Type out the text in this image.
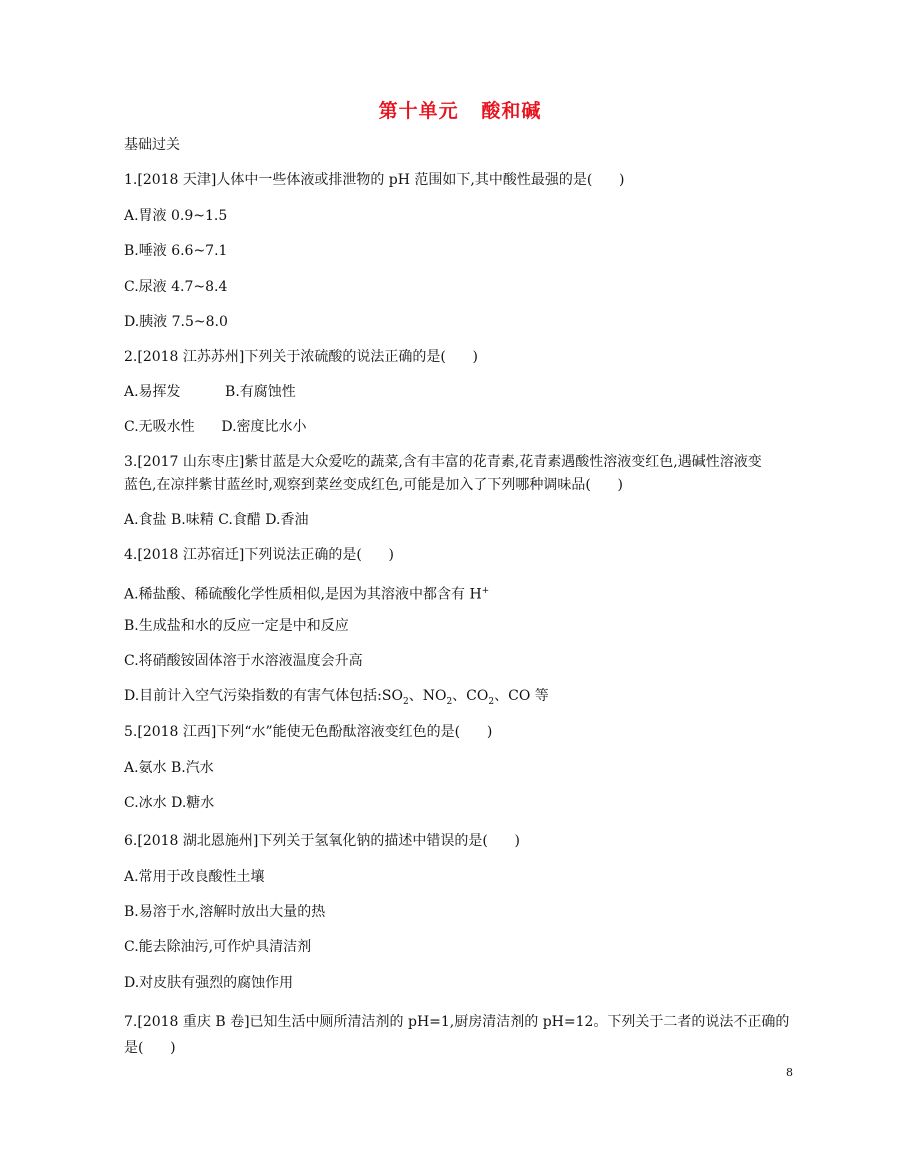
第十单元   酸和碱
基础过关
1.[2018 天津]人体中一些体液或排泄物的 pH 范围如下,其中酸性最强的是(      )
A.胃液 0.9~1.5
B.唾液 6.6~7.1
C.尿液 4.7~8.4
D.胰液 7.5~8.0
2.[2018 江苏苏州]下列关于浓硫酸的说法正确的是(      )
A.易挥发          B.有腐蚀性
C.无吸水性      D.密度比水小
3.[2017 山东枣庄]紫甘蓝是大众爱吃的蔬菜,含有丰富的花青素,花青素遇酸性溶液变红色,遇碱性溶液变
蓝色,在凉拌紫甘蓝丝时,观察到菜丝变成红色,可能是加入了下列哪种调味品(      )
A.食盐 B.味精 C.食醋 D.香油
4.[2018 江苏宿迁]下列说法正确的是(      )
A.稀盐酸、稀硫酸化学性质相似,是因为其溶液中都含有 H+
B.生成盐和水的反应一定是中和反应
C.将硝酸铵固体溶于水溶液温度会升高
D.目前计入空气污染指数的有害气体包括$:SO_2$、$NO_2$、$CO_2$、CO 等
5.[2018 江西]下列“水”能使无色酚酞溶液变红色的是(      )
A.氨水 B.汽水
C.冰水 D.糖水
6.[2018 湖北恩施州]下列关于氢氧化钠的描述中错误的是(      )
A.常用于改良酸性土壤
B.易溶于水,溶解时放出大量的热
C.能去除油污,可作炉具清洁剂
D.对皮肤有强烈的腐蚀作用
7.[2018 重庆 B 卷]已知生活中厕所清洁剂的 pH=1,厨房清洁剂的 pH=12。下列关于二者的说法不正确的
是(      )
8
